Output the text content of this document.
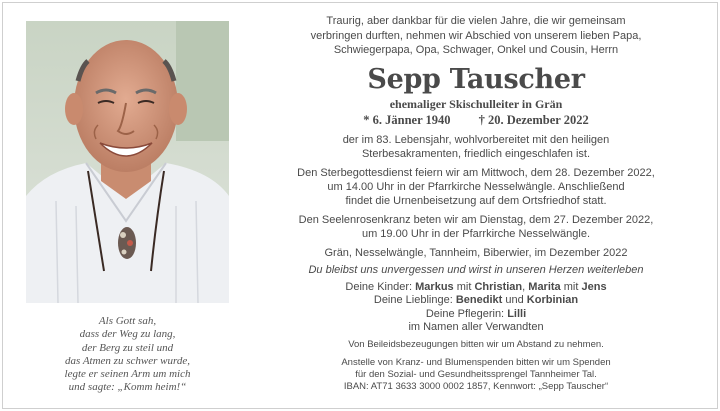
Als Gott sah,
dass der Weg zu lang,
der Berg zu steil und
das Atmen zu schwer wurde,
legte er seinen Arm um mich
und sagte: „Komm heim!“
Traurig, aber dankbar für die vielen Jahre, die wir gemeinsam
verbringen durften, nehmen wir Abschied von unserem lieben Papa,
Schwiegerpapa, Opa, Schwager, Onkel und Cousin, Herrn
Sepp Tauscher
ehemaliger Skischulleiter in Grän
* 6. Jänner 1940 † 20. Dezember 2022
der im 83. Lebensjahr, wohlvorbereitet mit den heiligen
Sterbesakramenten, friedlich eingeschlafen ist.
Den Sterbegottesdienst feiern wir am Mittwoch, dem 28. Dezember 2022,
um 14.00 Uhr in der Pfarrkirche Nesselwängle. Anschließend
findet die Urnenbeisetzung auf dem Ortsfriedhof statt.
Den Seelenrosenkranz beten wir am Dienstag, dem 27. Dezember 2022,
um 19.00 Uhr in der Pfarrkirche Nesselwängle.
Grän, Nesselwängle, Tannheim, Biberwier, im Dezember 2022
Du bleibst uns unvergessen und wirst in unseren Herzen weiterleben
Deine Kinder: Markus mit Christian, Marita mit Jens
Deine Lieblinge: Benedikt und Korbinian
Deine Pflegerin: Lilli
im Namen aller Verwandten
Von Beileidsbezeugungen bitten wir um Abstand zu nehmen.
Anstelle von Kranz- und Blumenspenden bitten wir um Spenden
für den Sozial- und Gesundheitssprengel Tannheimer Tal.
IBAN: AT71 3633 3000 0002 1857, Kennwort: „Sepp Tauscher“
